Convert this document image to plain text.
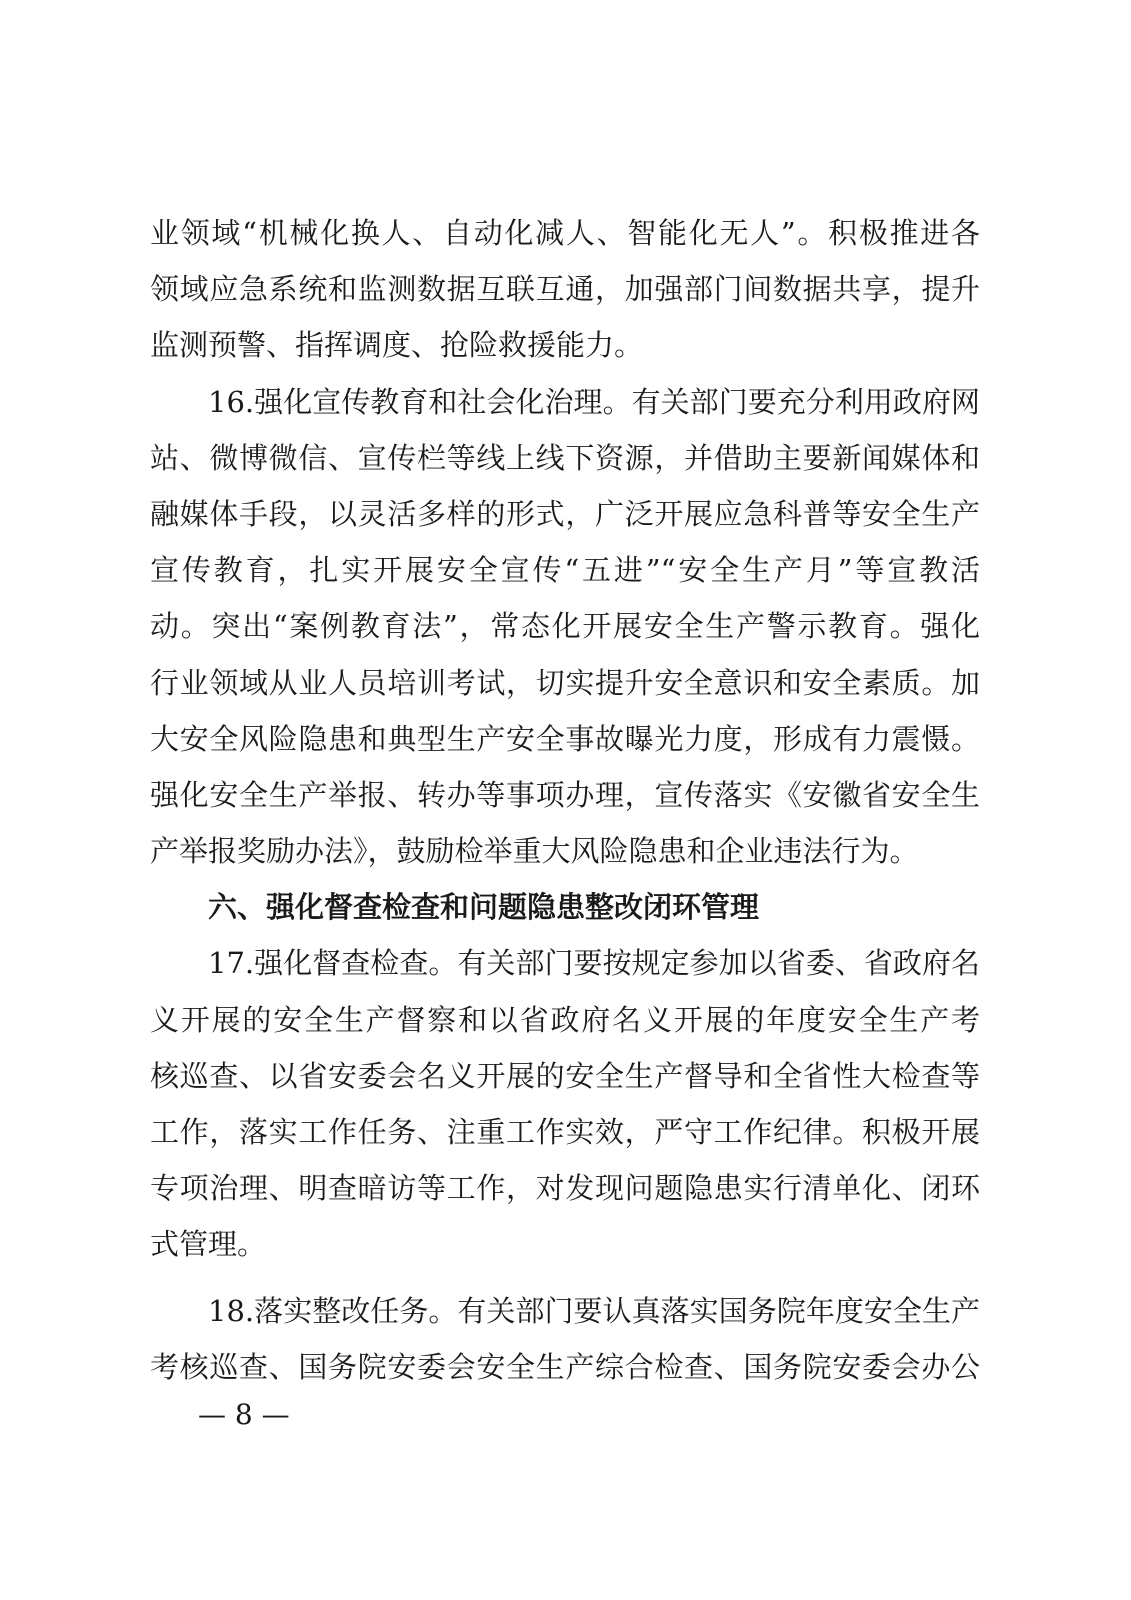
业领域“机械化换人、自动化减人、智能化无人”。积极推进各
领域应急系统和监测数据互联互通，加强部门间数据共享，提升
监测预警、指挥调度、抢险救援能力。
16.强化宣传教育和社会化治理。有关部门要充分利用政府网
站、微博微信、宣传栏等线上线下资源，并借助主要新闻媒体和
融媒体手段，以灵活多样的形式，广泛开展应急科普等安全生产
宣传教育，扎实开展安全宣传“五进”“安全生产月”等宣教活
动。突出“案例教育法”，常态化开展安全生产警示教育。强化
行业领域从业人员培训考试，切实提升安全意识和安全素质。加
大安全风险隐患和典型生产安全事故曝光力度，形成有力震慑。
强化安全生产举报、转办等事项办理，宣传落实《安徽省安全生
产举报奖励办法》，鼓励检举重大风险隐患和企业违法行为。
六、强化督查检查和问题隐患整改闭环管理
17.强化督查检查。有关部门要按规定参加以省委、省政府名
义开展的安全生产督察和以省政府名义开展的年度安全生产考
核巡查、以省安委会名义开展的安全生产督导和全省性大检查等
工作，落实工作任务、注重工作实效，严守工作纪律。积极开展
专项治理、明查暗访等工作，对发现问题隐患实行清单化、闭环
式管理。
18.落实整改任务。有关部门要认真落实国务院年度安全生产
考核巡查、国务院安委会安全生产综合检查、国务院安委会办公
— 8 —
